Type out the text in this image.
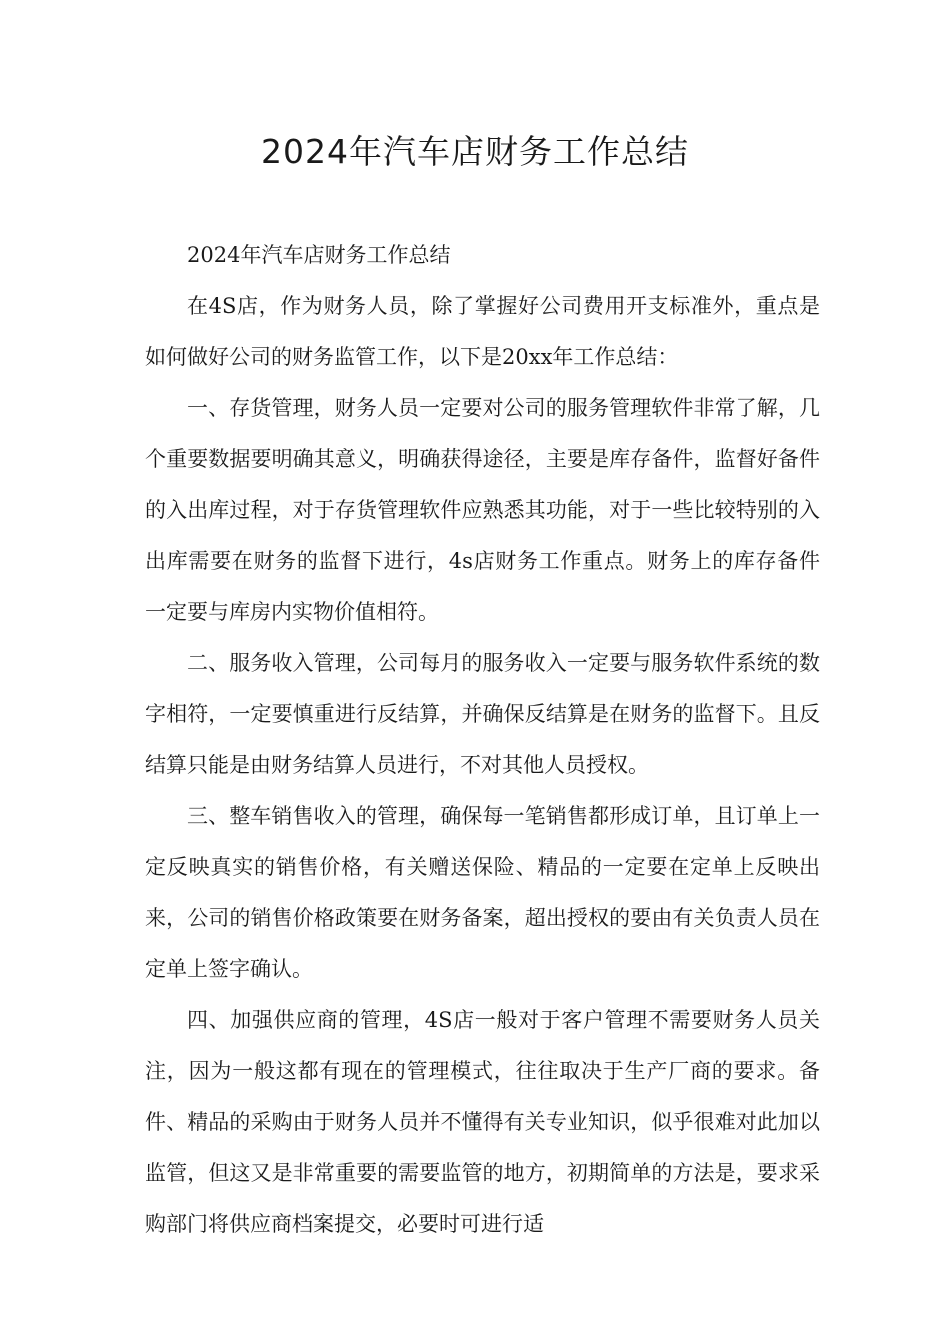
2024年汽车店财务工作总结

2024年汽车店财务工作总结

在4S店，作为财务人员，除了掌握好公司费用开支标准外，重点是如何做好公司的财务监管工作，以下是20xx年工作总结：

一、存货管理，财务人员一定要对公司的服务管理软件非常了解，几个重要数据要明确其意义，明确获得途径，主要是库存备件，监督好备件的入出库过程，对于存货管理软件应熟悉其功能，对于一些比较特别的入出库需要在财务的监督下进行，4s店财务工作重点。财务上的库存备件一定要与库房内实物价值相符。

二、服务收入管理，公司每月的服务收入一定要与服务软件系统的数字相符，一定要慎重进行反结算，并确保反结算是在财务的监督下。且反结算只能是由财务结算人员进行，不对其他人员授权。

三、整车销售收入的管理，确保每一笔销售都形成订单，且订单上一定反映真实的销售价格，有关赠送保险、精品的一定要在定单上反映出来，公司的销售价格政策要在财务备案，超出授权的要由有关负责人员在定单上签字确认。

四、加强供应商的管理，4S店一般对于客户管理不需要财务人员关注，因为一般这都有现在的管理模式，往往取决于生产厂商的要求。备件、精品的采购由于财务人员并不懂得有关专业知识，似乎很难对此加以监管，但这又是非常重要的需要监管的地方，初期简单的方法是，要求采购部门将供应商档案提交，必要时可进行适
